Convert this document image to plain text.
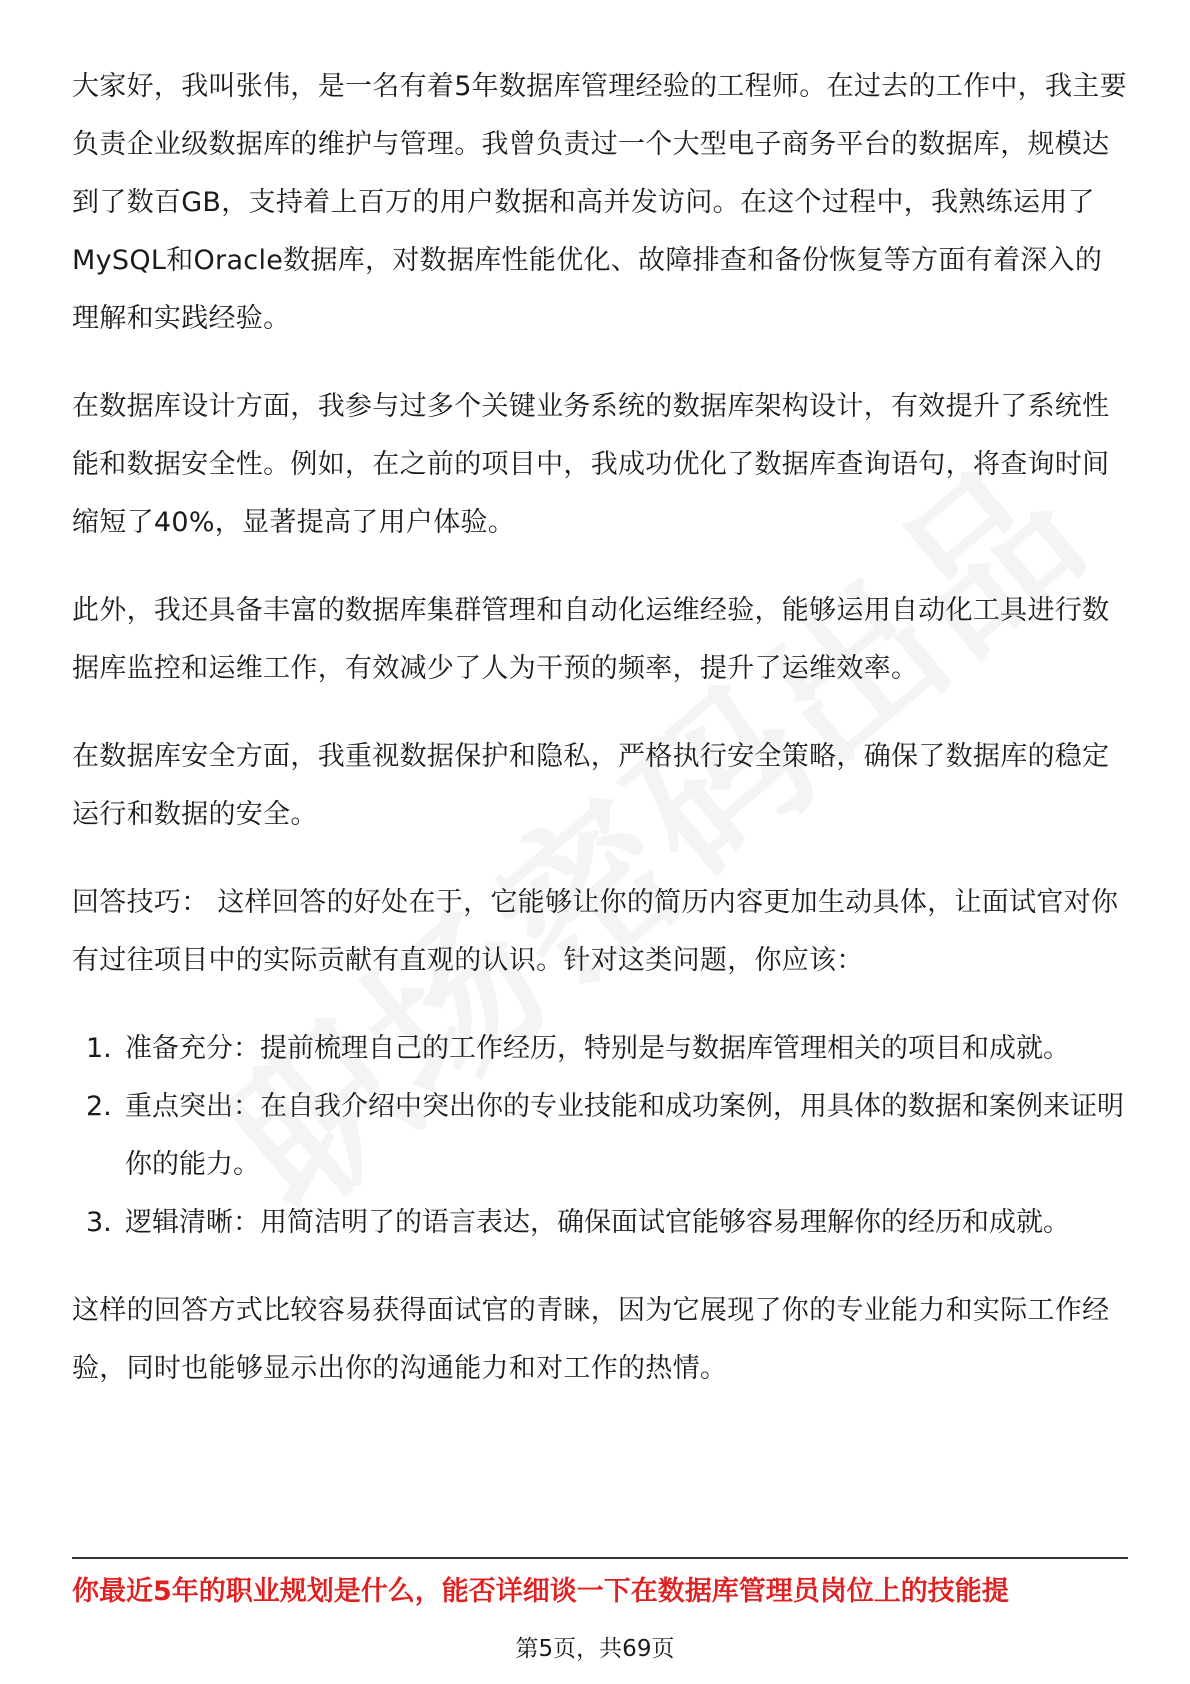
大家好，我叫张伟，是一名有着5年数据库管理经验的工程师。在过去的工作中，我主要负责企业级数据库的维护与管理。我曾负责过一个大型电子商务平台的数据库，规模达到了数百GB，支持着上百万的用户数据和高并发访问。在这个过程中，我熟练运用了MySQL和Oracle数据库，对数据库性能优化、故障排查和备份恢复等方面有着深入的理解和实践经验。

在数据库设计方面，我参与过多个关键业务系统的数据库架构设计，有效提升了系统性能和数据安全性。例如，在之前的项目中，我成功优化了数据库查询语句，将查询时间缩短了40%，显著提高了用户体验。

此外，我还具备丰富的数据库集群管理和自动化运维经验，能够运用自动化工具进行数据库监控和运维工作，有效减少了人为干预的频率，提升了运维效率。

在数据库安全方面，我重视数据保护和隐私，严格执行安全策略，确保了数据库的稳定运行和数据的安全。

回答技巧： 这样回答的好处在于，它能够让你的简历内容更加生动具体，让面试官对你有过往项目中的实际贡献有直观的认识。针对这类问题，你应该：

1. 准备充分：提前梳理自己的工作经历，特别是与数据库管理相关的项目和成就。
2. 重点突出：在自我介绍中突出你的专业技能和成功案例，用具体的数据和案例来证明你的能力。
3. 逻辑清晰：用简洁明了的语言表达，确保面试官能够容易理解你的经历和成就。

这样的回答方式比较容易获得面试官的青睐，因为它展现了你的专业能力和实际工作经验，同时也能够显示出你的沟通能力和对工作的热情。

你最近5年的职业规划是什么，能否详细谈一下在数据库管理员岗位上的技能提
第5页，共69页
